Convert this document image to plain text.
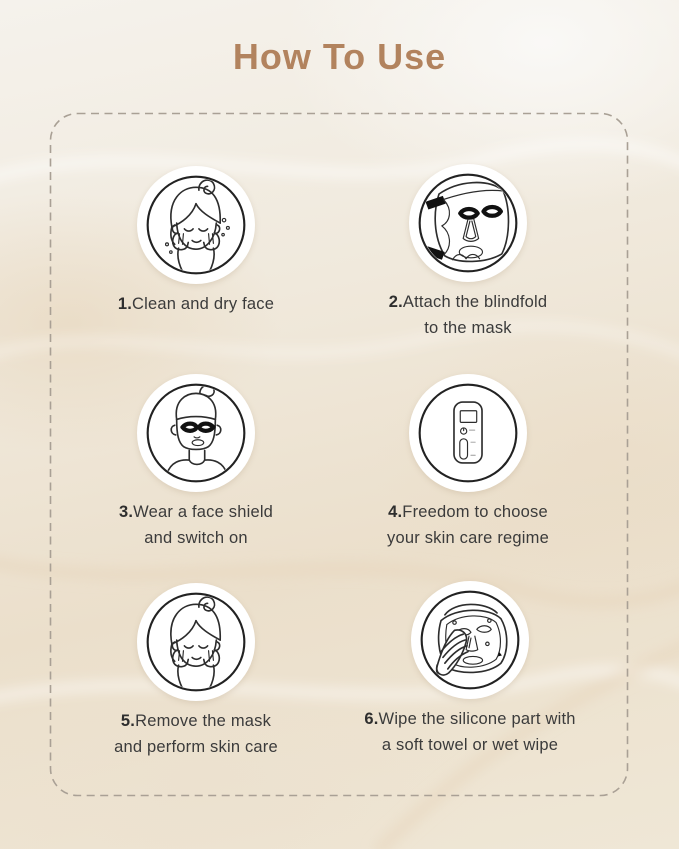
How To Use
1.Clean and dry face	2.Attach the blindfold
to the mask
3.Wear a face shield
and switch on
4.Freedom to choose
your skin care regime
5.Remove the mask
and perform skin care
6.Wipe the silicone part with
a soft towel or wet wipe
